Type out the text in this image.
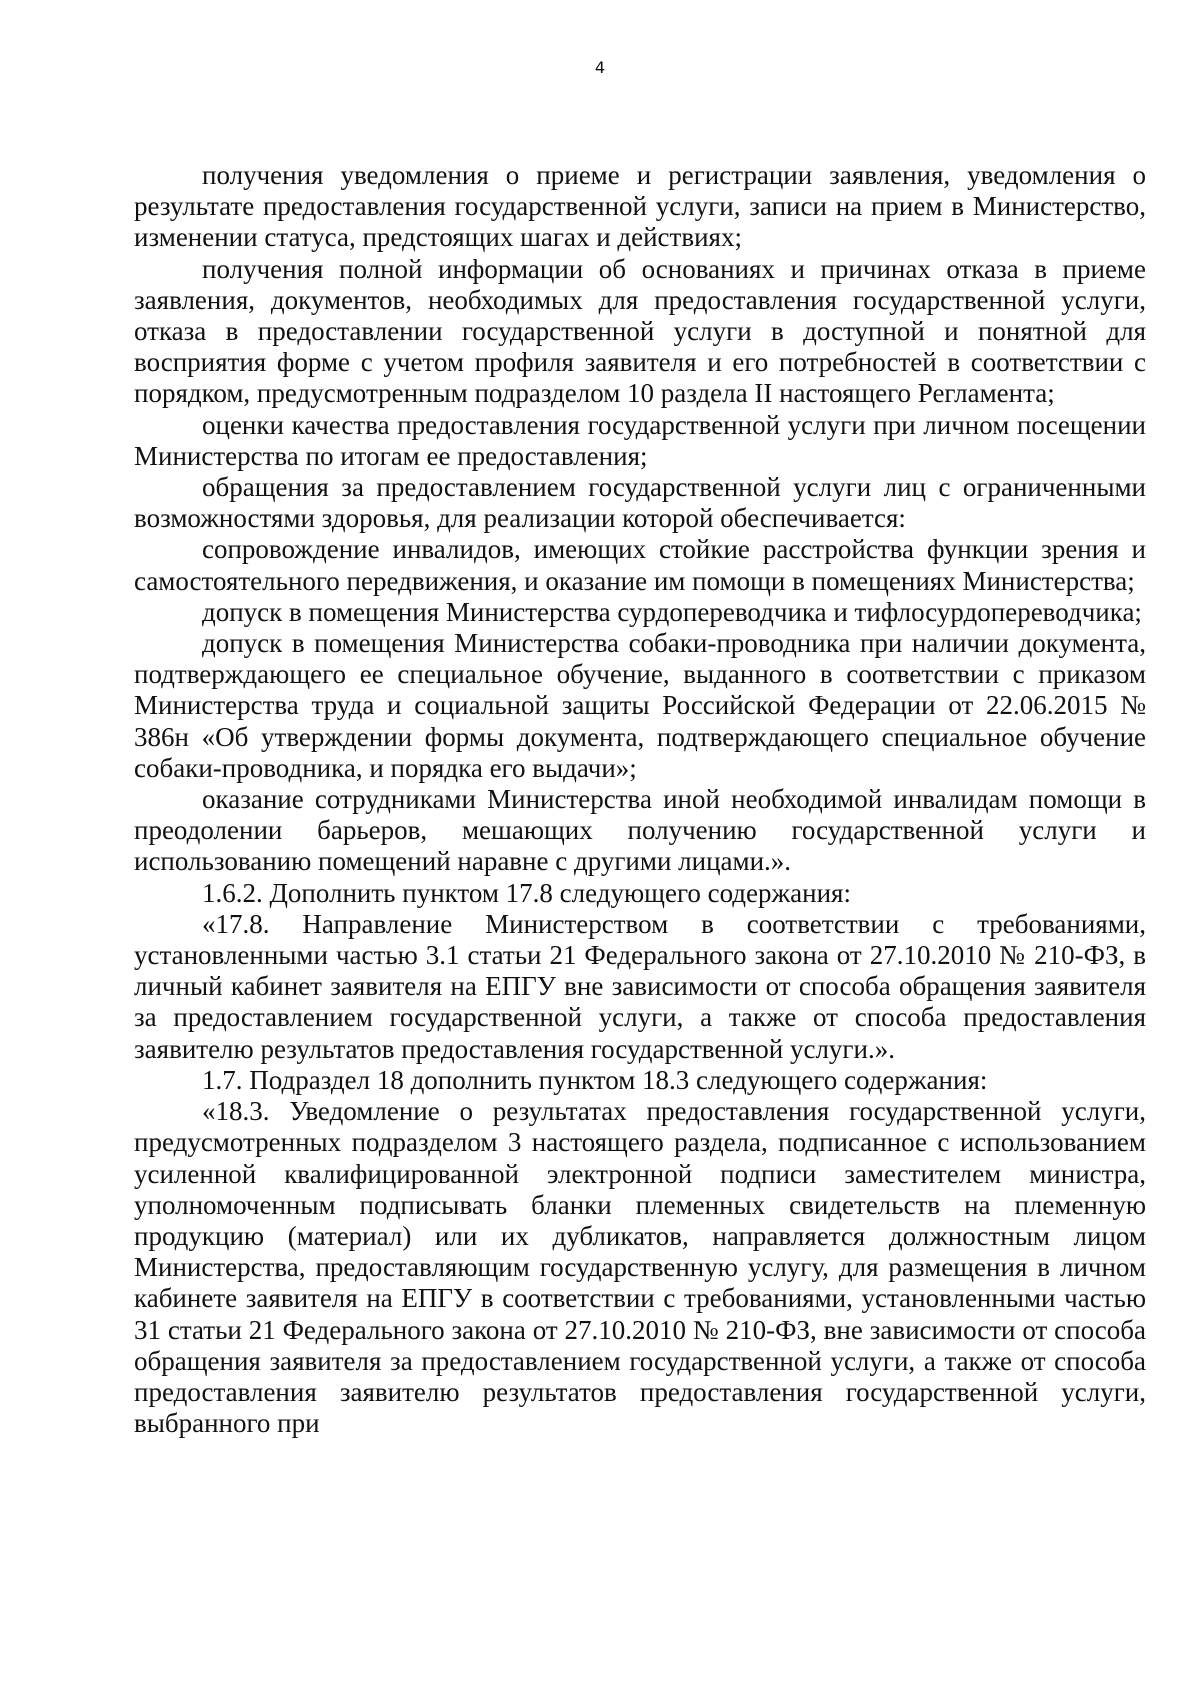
4

получения уведомления о приеме и регистрации заявления, уведомления о результате предоставления государственной услуги, записи на прием в Министерство, изменении статуса, предстоящих шагах и действиях;

получения полной информации об основаниях и причинах отказа в приеме заявления, документов, необходимых для предоставления государственной услуги, отказа в предоставлении государственной услуги в доступной и понятной для восприятия форме с учетом профиля заявителя и его потребностей в соответствии с порядком, предусмотренным подразделом 10 раздела II настоящего Регламента;

оценки качества предоставления государственной услуги при личном посещении Министерства по итогам ее предоставления;

обращения за предоставлением государственной услуги лиц с ограниченными возможностями здоровья, для реализации которой обеспечивается:

сопровождение инвалидов, имеющих стойкие расстройства функции зрения и самостоятельного передвижения, и оказание им помощи в помещениях Министерства;

допуск в помещения Министерства сурдопереводчика и тифлосурдопереводчика;

допуск в помещения Министерства собаки-проводника при наличии документа, подтверждающего ее специальное обучение, выданного в соответствии с приказом Министерства труда и социальной защиты Российской Федерации от 22.06.2015 № 386н «Об утверждении формы документа, подтверждающего специальное обучение собаки-проводника, и порядка его выдачи»;

оказание сотрудниками Министерства иной необходимой инвалидам помощи в преодолении барьеров, мешающих получению государственной услуги и использованию помещений наравне с другими лицами.».

1.6.2. Дополнить пунктом 17.8 следующего содержания:

«17.8. Направление Министерством в соответствии с требованиями, установленными частью 3.1 статьи 21 Федерального закона от 27.10.2010 № 210-ФЗ, в личный кабинет заявителя на ЕПГУ вне зависимости от способа обращения заявителя за предоставлением государственной услуги, а также от способа предоставления заявителю результатов предоставления государственной услуги.».

1.7. Подраздел 18 дополнить пунктом 18.3 следующего содержания:

«18.3. Уведомление о результатах предоставления государственной услуги, предусмотренных подразделом 3 настоящего раздела, подписанное с использованием усиленной квалифицированной электронной подписи заместителем министра, уполномоченным подписывать бланки племенных свидетельств на племенную продукцию (материал) или их дубликатов, направляется должностным лицом Министерства, предоставляющим государственную услугу, для размещения в личном кабинете заявителя на ЕПГУ в соответствии с требованиями, установленными частью 31 статьи 21 Федерального закона от 27.10.2010 № 210-ФЗ, вне зависимости от способа обращения заявителя за предоставлением государственной услуги, а также от способа предоставления заявителю результатов предоставления государственной услуги, выбранного при
